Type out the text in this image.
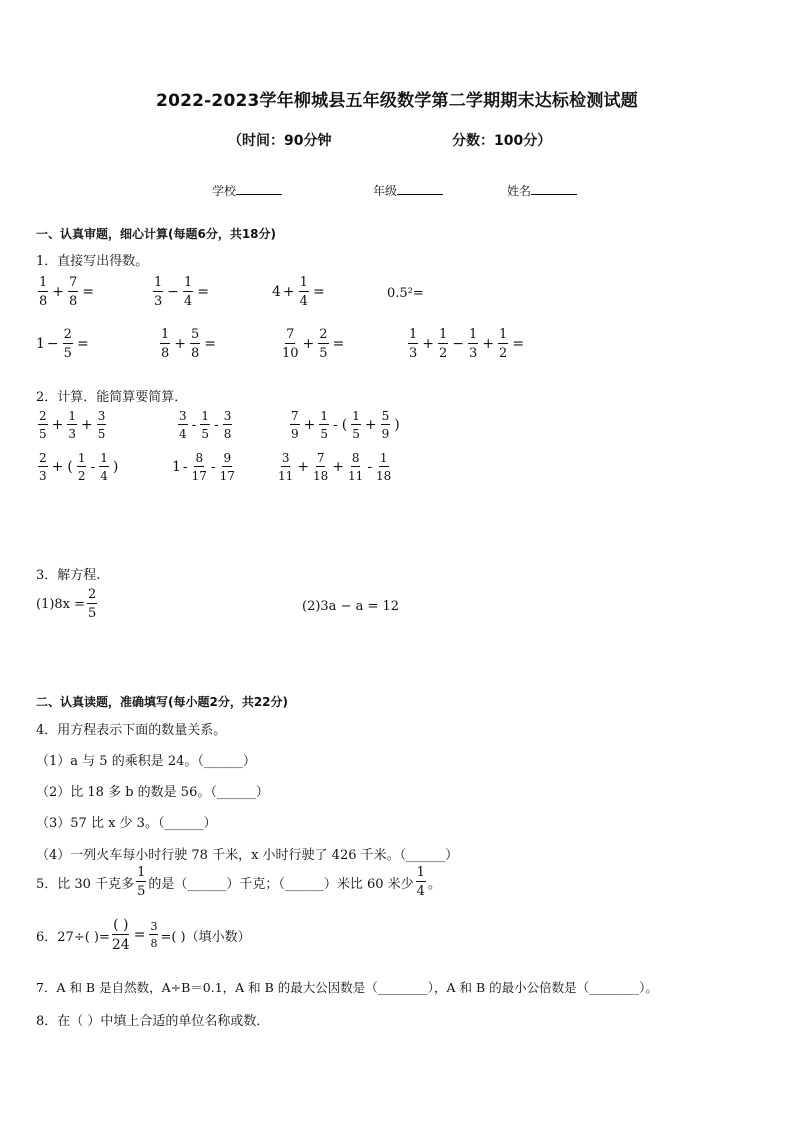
2022-2023学年柳城县五年级数学第二学期期末达标检测试题
（时间：90分钟	分数：100分）
学校	年级	姓名
一、认真审题，细心计算(每题6分，共18分)
1．直接写出得数。
$\frac{1}{8} + \frac{7}{8}$ =	$\frac{1}{3} - \frac{1}{4}$ =	$4 + \frac{1}{4}$ =	0.5²=
$1 - \frac{2}{5}$ =	$\frac{1}{8} + \frac{5}{8}$ =	$\frac{7}{10} + \frac{2}{5}$ =	$\frac{1}{3} + \frac{1}{2} - \frac{1}{3} + \frac{1}{2}$ =
2．计算．能简算要简算．
$\frac{2}{5} + \frac{1}{3} + \frac{3}{5}$	$\frac{3}{4} - \frac{1}{5} - \frac{3}{8}$	$\frac{7}{9} + \frac{1}{5}$ - ( $\frac{1}{5} + \frac{5}{9}$ )
$\frac{2}{3}$ + ( $\frac{1}{2} - \frac{1}{4}$ )	$1 - \frac{8}{17} - \frac{9}{17}$	$\frac{3}{11} + \frac{7}{18} + \frac{8}{11} - \frac{1}{18}$
3．解方程.
$(1)8x = \frac{2}{5}$	(2)3a − a = 12
二、认真读题，准确填写(每小题2分，共22分)
4．用方程表示下面的数量关系。
（1）a 与 5 的乘积是 24。（______）
（2）比 18 多 b 的数是 56。（______）
（3）57 比 x 少 3。（______）
（4）一列火车每小时行驶 78 千米，x 小时行驶了 426 千米。（______）
5．比 30 千克多 $\frac{1}{5}$ 的是（______）千克；（______）米比 60 米少 $\frac{1}{4}$ 。
6．27÷( )= $\frac{( )}{24} = \frac{3}{8}$ =( )（填小数）
7．A 和 B 是自然数，A÷B＝0.1，A 和 B 的最大公因数是（________），A 和 B 的最小公倍数是（________）。
8．在（ ）中填上合适的单位名称或数．
